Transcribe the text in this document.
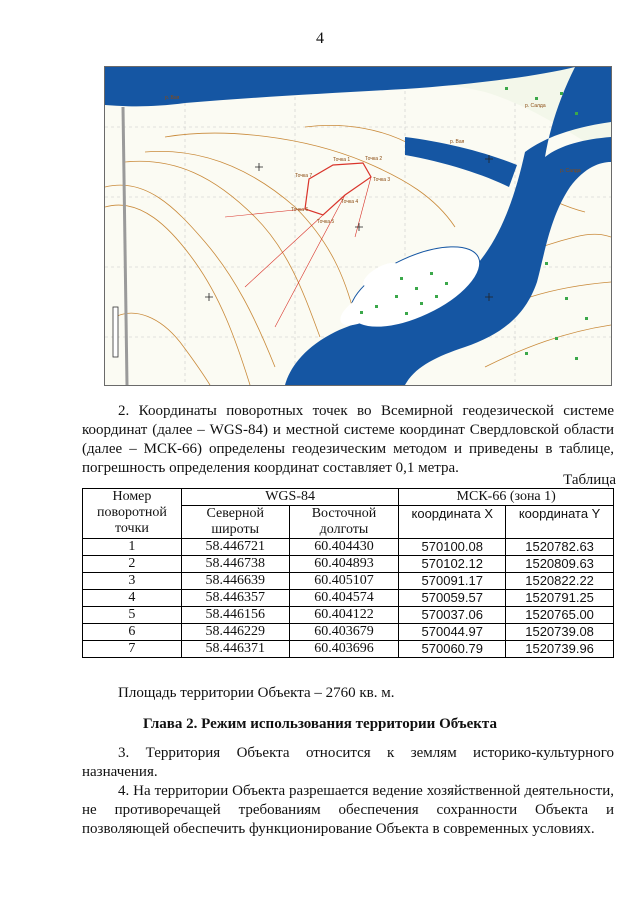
4
р. Вая
р. Вая
р. Салда
р. Салда
Точка 1	Точка 2
Точка 3
Точка 4
Точка 5
Точка 6
Точка 7
2. Координаты поворотных точек во Всемирной геодезической системе координат (далее – WGS-84) и местной системе координат Свердловской области (далее – МСК-66) определены геодезическим методом и приведены в таблице, погрешность определения координат составляет 0,1 метра.
Таблица
Номер поворотной точки	WGS-84		МСК-66 (зона 1)	
	Северной широты	Восточной долготы	координата X	координата Y
1	58.446721	60.404430	570100.08	1520782.63
2	58.446738	60.404893	570102.12	1520809.63
3	58.446639	60.405107	570091.17	1520822.22
4	58.446357	60.404574	570059.57	1520791.25
5	58.446156	60.404122	570037.06	1520765.00
6	58.446229	60.403679	570044.97	1520739.08
7	58.446371	60.403696	570060.79	1520739.96
Площадь территории Объекта – 2760 кв. м.
Глава 2. Режим использования территории Объекта
3. Территория Объекта относится к землям историко-культурного назначения.
4. На территории Объекта разрешается ведение хозяйственной деятельности, не противоречащей требованиям обеспечения сохранности Объекта и позволяющей обеспечить функционирование Объекта в современных условиях.
